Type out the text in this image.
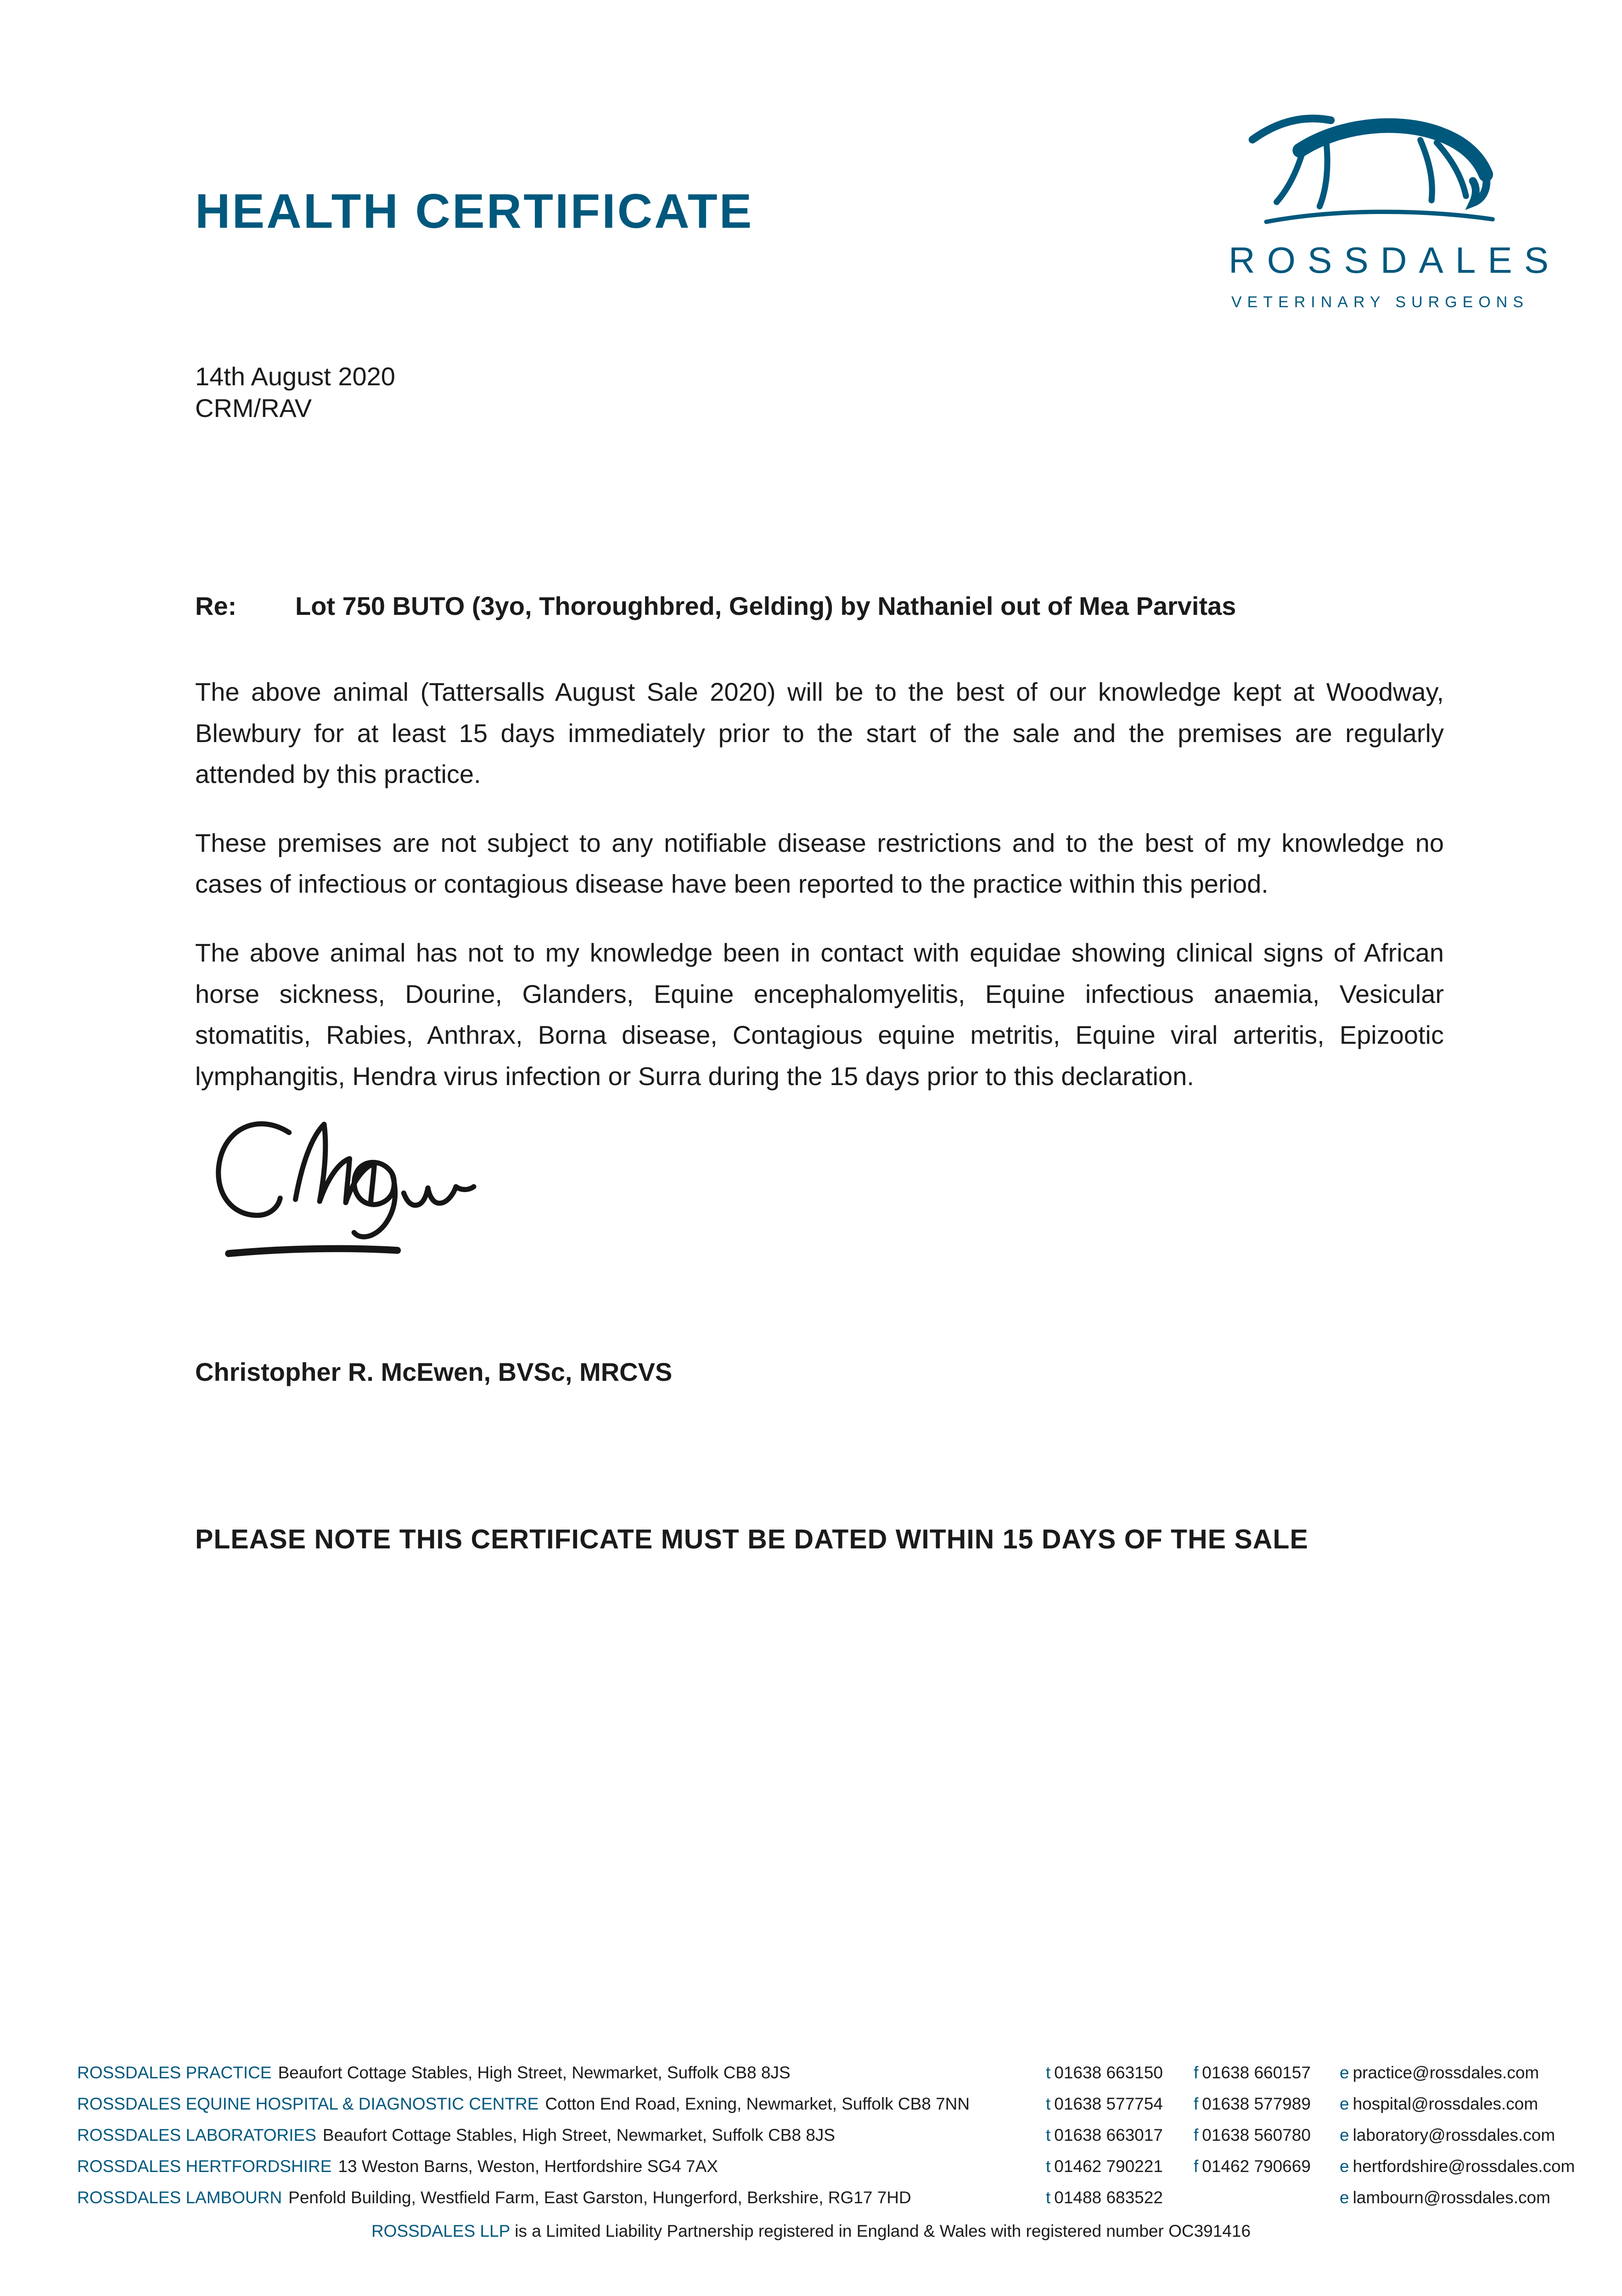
HEALTH CERTIFICATE
ROSSDALES
VETERINARY SURGEONS
14th August 2020
CRM/RAV
Re:	Lot 750 BUTO (3yo, Thoroughbred, Gelding) by Nathaniel out of Mea Parvitas

The above animal (Tattersalls August Sale 2020) will be to the best of our knowledge kept at Woodway, Blewbury for at least 15 days immediately prior to the start of the sale and the premises are regularly attended by this practice.

These premises are not subject to any notifiable disease restrictions and to the best of my knowledge no cases of infectious or contagious disease have been reported to the practice within this period.

The above animal has not to my knowledge been in contact with equidae showing clinical signs of African horse sickness, Dourine, Glanders, Equine encephalomyelitis, Equine infectious anaemia, Vesicular stomatitis, Rabies, Anthrax, Borna disease, Contagious equine metritis, Equine viral arteritis, Epizootic lymphangitis, Hendra virus infection or Surra during the 15 days prior to this declaration.

Christopher R. McEwen, BVSc, MRCVS
PLEASE NOTE THIS CERTIFICATE MUST BE DATED WITHIN 15 DAYS OF THE SALE
ROSSDALES PRACTICE Beaufort Cottage Stables, High Street, Newmarket, Suffolk CB8 8JS	t 01638 663150	f 01638 660157	e practice@rossdales.com
ROSSDALES EQUINE HOSPITAL & DIAGNOSTIC CENTRE Cotton End Road, Exning, Newmarket, Suffolk CB8 7NN	t 01638 577754	f 01638 577989	e hospital@rossdales.com
ROSSDALES LABORATORIES Beaufort Cottage Stables, High Street, Newmarket, Suffolk CB8 8JS	t 01638 663017	f 01638 560780	e laboratory@rossdales.com
ROSSDALES HERTFORDSHIRE 13 Weston Barns, Weston, Hertfordshire SG4 7AX	t 01462 790221	f 01462 790669	e hertfordshire@rossdales.com
ROSSDALES LAMBOURN Penfold Building, Westfield Farm, East Garston, Hungerford, Berkshire, RG17 7HD	t 01488 683522	e lambourn@rossdales.com
ROSSDALES LLP is a Limited Liability Partnership registered in England & Wales with registered number OC391416
